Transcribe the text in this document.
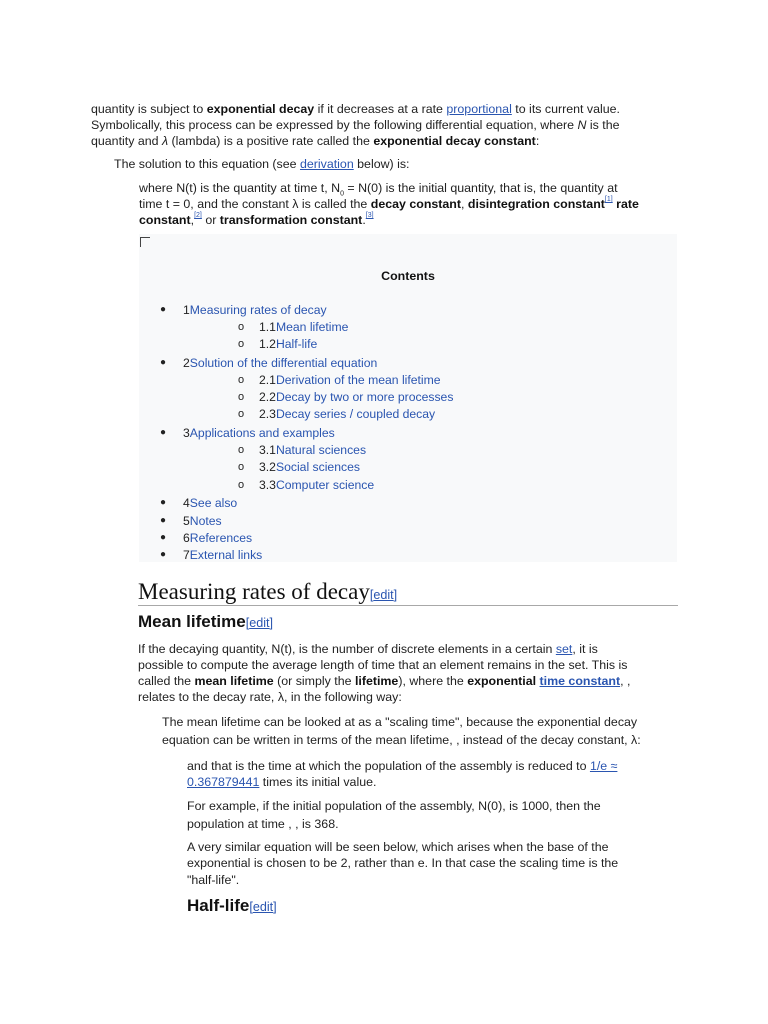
quantity is subject to exponential decay if it decreases at a rate proportional to its current value.

Symbolically, this process can be expressed by the following differential equation, where N is the

quantity and λ (lambda) is a positive rate called the exponential decay constant:

The solution to this equation (see derivation below) is:

where N(t) is the quantity at time t, $N_0 = N(0)$ is the initial quantity, that is, the quantity at

time t = 0, and the constant λ is called the decay constant, disintegration constant[1] rate

constant,[2] or transformation constant.[3]

Contents
● 1Measuring rates of decay
o 1.1Mean lifetime
o 1.2Half-life
● 2Solution of the differential equation
o 2.1Derivation of the mean lifetime
o 2.2Decay by two or more processes
o 2.3Decay series / coupled decay
● 3Applications and examples
o 3.1Natural sciences
o 3.2Social sciences
o 3.3Computer science
● 4See also
● 5Notes
● 6References
● 7External links
Measuring rates of decay[edit]
Mean lifetime[edit]

If the decaying quantity, N(t), is the number of discrete elements in a certain set, it is

possible to compute the average length of time that an element remains in the set. This is

called the mean lifetime (or simply the lifetime), where the exponential time constant, ,

relates to the decay rate, λ, in the following way:

The mean lifetime can be looked at as a "scaling time", because the exponential decay

equation can be written in terms of the mean lifetime, , instead of the decay constant, λ:

and that is the time at which the population of the assembly is reduced to 1/e ≈

0.367879441 times its initial value.

For example, if the initial population of the assembly, N(0), is 1000, then the

population at time , , is 368.

A very similar equation will be seen below, which arises when the base of the

exponential is chosen to be 2, rather than e. In that case the scaling time is the

"half-life".

Half-life[edit]
